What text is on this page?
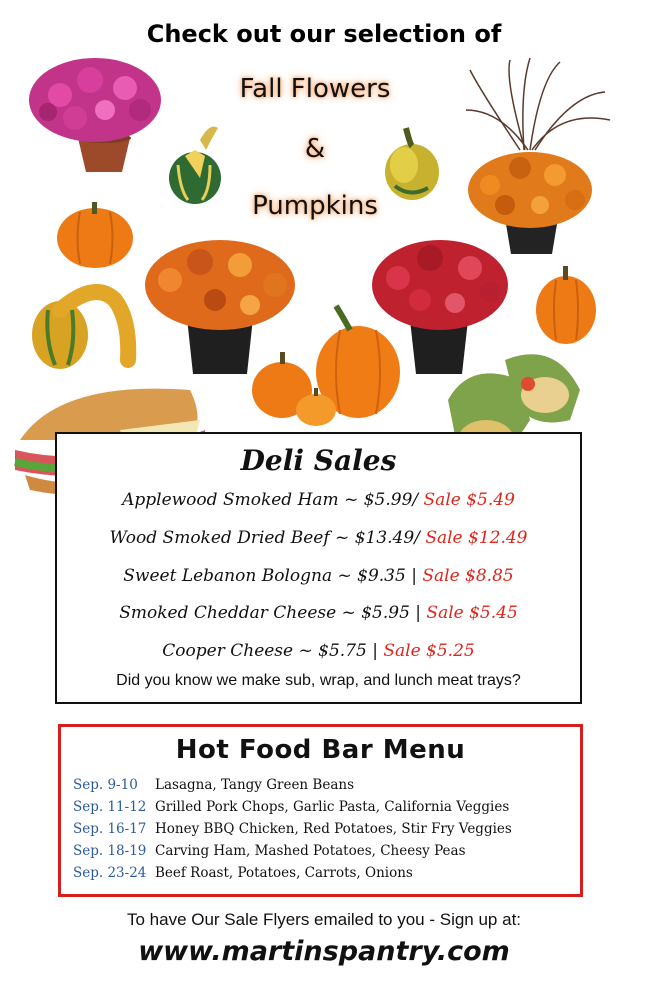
Check out our selection of
Fall Flowers
&
Pumpkins
Deli Sales
Applewood Smoked Ham ~ $5.99/ Sale $5.49
Wood Smoked Dried Beef ~ $13.49/ Sale $12.49
Sweet Lebanon Bologna ~ $9.35 | Sale $8.85
Smoked Cheddar Cheese ~ $5.95 | Sale $5.45
Cooper Cheese ~ $5.75 | Sale $5.25
Did you know we make sub, wrap, and lunch meat trays?
Hot Food Bar Menu
Sep. 9-10 Lasagna, Tangy Green Beans
Sep. 11-12 Grilled Pork Chops, Garlic Pasta, California Veggies
Sep. 16-17 Honey BBQ Chicken, Red Potatoes, Stir Fry Veggies
Sep. 18-19 Carving Ham, Mashed Potatoes, Cheesy Peas
Sep. 23-24 Beef Roast, Potatoes, Carrots, Onions
To have Our Sale Flyers emailed to you - Sign up at:
www.martinspantry.com
